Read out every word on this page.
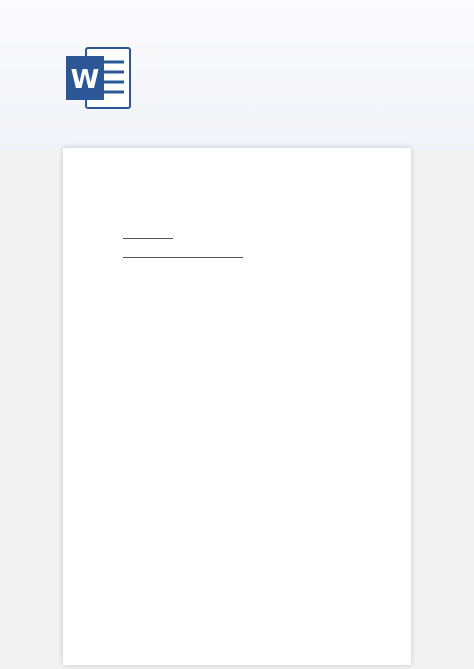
W
